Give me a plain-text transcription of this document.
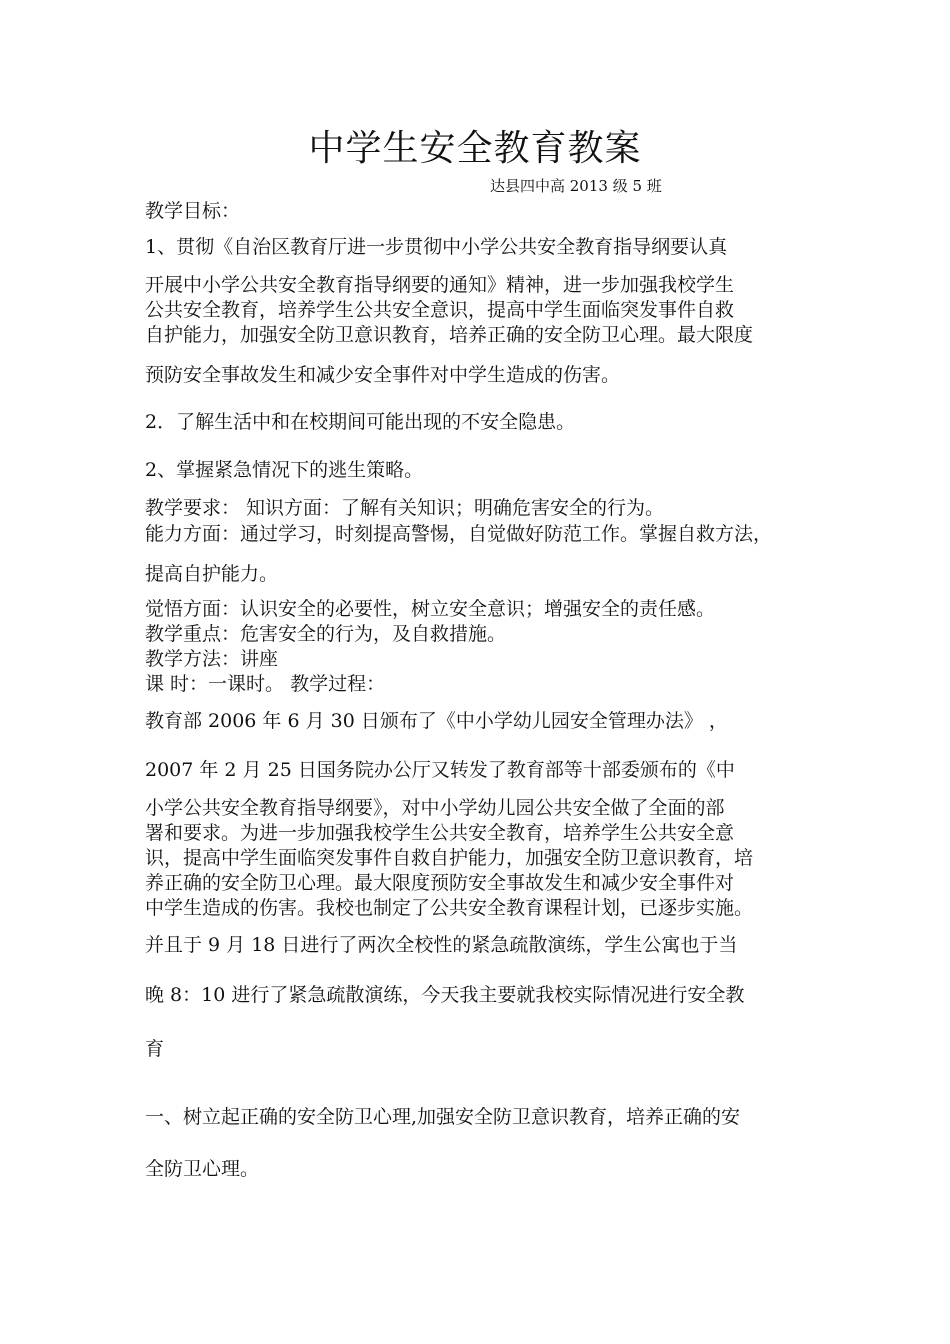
中学生安全教育教案
达县四中高 2013 级 5 班
教学目标：
1、贯彻《自治区教育厅进一步贯彻中小学公共安全教育指导纲要认真
开展中小学公共安全教育指导纲要的通知》精神，进一步加强我校学生
公共安全教育，培养学生公共安全意识，提高中学生面临突发事件自救
自护能力，加强安全防卫意识教育，培养正确的安全防卫心理。最大限度
预防安全事故发生和减少安全事件对中学生造成的伤害。
2．了解生活中和在校期间可能出现的不安全隐患。
2、掌握紧急情况下的逃生策略。
教学要求： 知识方面：了解有关知识；明确危害安全的行为。
能力方面：通过学习，时刻提高警惕，自觉做好防范工作。掌握自救方法，
提高自护能力。
觉悟方面：认识安全的必要性，树立安全意识；增强安全的责任感。
教学重点：危害安全的行为，及自救措施。
教学方法：讲座
课 时：一课时。 教学过程：
教育部 2006 年 6 月 30 日颁布了《中小学幼儿园安全管理办法》 ，
2007 年 2 月 25 日国务院办公厅又转发了教育部等十部委颁布的《中
小学公共安全教育指导纲要》，对中小学幼儿园公共安全做了全面的部
署和要求。为进一步加强我校学生公共安全教育，培养学生公共安全意
识，提高中学生面临突发事件自救自护能力，加强安全防卫意识教育，培
养正确的安全防卫心理。最大限度预防安全事故发生和减少安全事件对
中学生造成的伤害。我校也制定了公共安全教育课程计划，已逐步实施。
并且于 9 月 18 日进行了两次全校性的紧急疏散演练，学生公寓也于当
晚 8：10 进行了紧急疏散演练，今天我主要就我校实际情况进行安全教
育
一、树立起正确的安全防卫心理,加强安全防卫意识教育，培养正确的安
全防卫心理。
